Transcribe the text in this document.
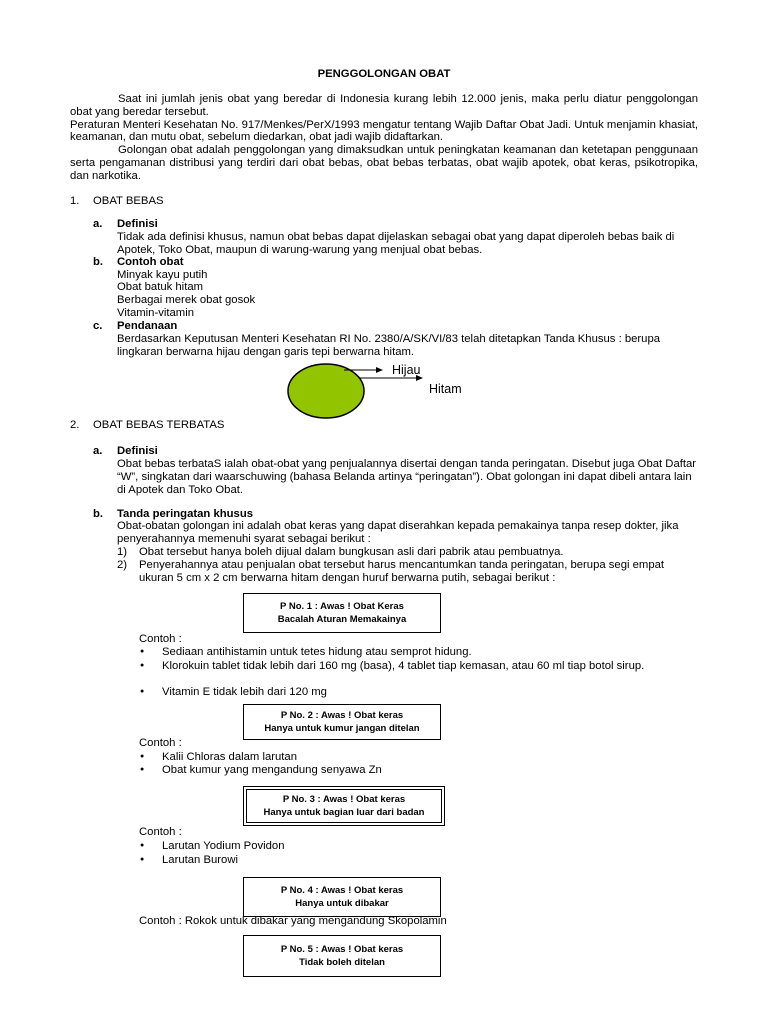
PENGGOLONGAN OBAT

Saat ini jumlah jenis obat yang beredar di Indonesia kurang lebih 12.000 jenis, maka perlu diatur penggolongan obat yang beredar tersebut.

Peraturan Menteri Kesehatan No. 917/Menkes/PerX/1993 mengatur tentang Wajib Daftar Obat Jadi. Untuk menjamin khasiat, keamanan, dan mutu obat, sebelum diedarkan, obat jadi wajib didaftarkan.

Golongan obat adalah penggolongan yang dimaksudkan untuk peningkatan keamanan dan ketetapan penggunaan serta pengamanan distribusi yang terdiri dari obat bebas, obat bebas terbatas, obat wajib apotek, obat keras, psikotropika, dan narkotika.

1. OBAT BEBAS
a. Definisi

Tidak ada definisi khusus, namun obat bebas dapat dijelaskan sebagai obat yang dapat diperoleh bebas baik di Apotek, Toko Obat, maupun di warung-warung yang menjual obat bebas.

b. Contoh obat
Minyak kayu putih
Obat batuk hitam
Berbagai merek obat gosok
Vitamin-vitamin
c. Pendanaan

Berdasarkan Keputusan Menteri Kesehatan RI No. 2380/A/SK/VI/83 telah ditetapkan Tanda Khusus : berupa lingkaran berwarna hijau dengan garis tepi berwarna hitam.

Hijau
Hitam
2. OBAT BEBAS TERBATAS
a. Definisi

Obat bebas terbataS ialah obat-obat yang penjualannya disertai dengan tanda peringatan. Disebut juga Obat Daftar “W”, singkatan dari waarschuwing (bahasa Belanda artinya “peringatan”). Obat golongan ini dapat dibeli antara lain di Apotek dan Toko Obat.

b. Tanda peringatan khusus

Obat-obatan golongan ini adalah obat keras yang dapat diserahkan kepada pemakainya tanpa resep dokter, jika penyerahannya memenuhi syarat sebagai berikut :

1) Obat tersebut hanya boleh dijual dalam bungkusan asli dari pabrik atau pembuatnya.
2) Penyerahannya atau penjualan obat tersebut harus mencantumkan tanda peringatan, berupa segi empat ukuran 5 cm x 2 cm berwarna hitam dengan huruf berwarna putih, sebagai berikut :

P No. 1 : Awas ! Obat Keras
Bacalah Aturan Memakainya
Contoh :
● Sediaan antihistamin untuk tetes hidung atau semprot hidung.
● Klorokuin tablet tidak lebih dari 160 mg (basa), 4 tablet tiap kemasan, atau 60 ml tiap botol sirup.
● Vitamin E tidak lebih dari 120 mg
P No. 2 : Awas ! Obat keras
Hanya untuk kumur jangan ditelan
Contoh :
● Kalii Chloras dalam larutan
● Obat kumur yang mengandung senyawa Zn
P No. 3 : Awas ! Obat keras
Hanya untuk bagian luar dari badan
Contoh :
● Larutan Yodium Povidon
● Larutan Burowi
P No. 4 : Awas ! Obat keras
Hanya untuk dibakar
Contoh : Rokok untuk dibakar yang mengandung Skopolamin
P No. 5 : Awas ! Obat keras
Tidak boleh ditelan
